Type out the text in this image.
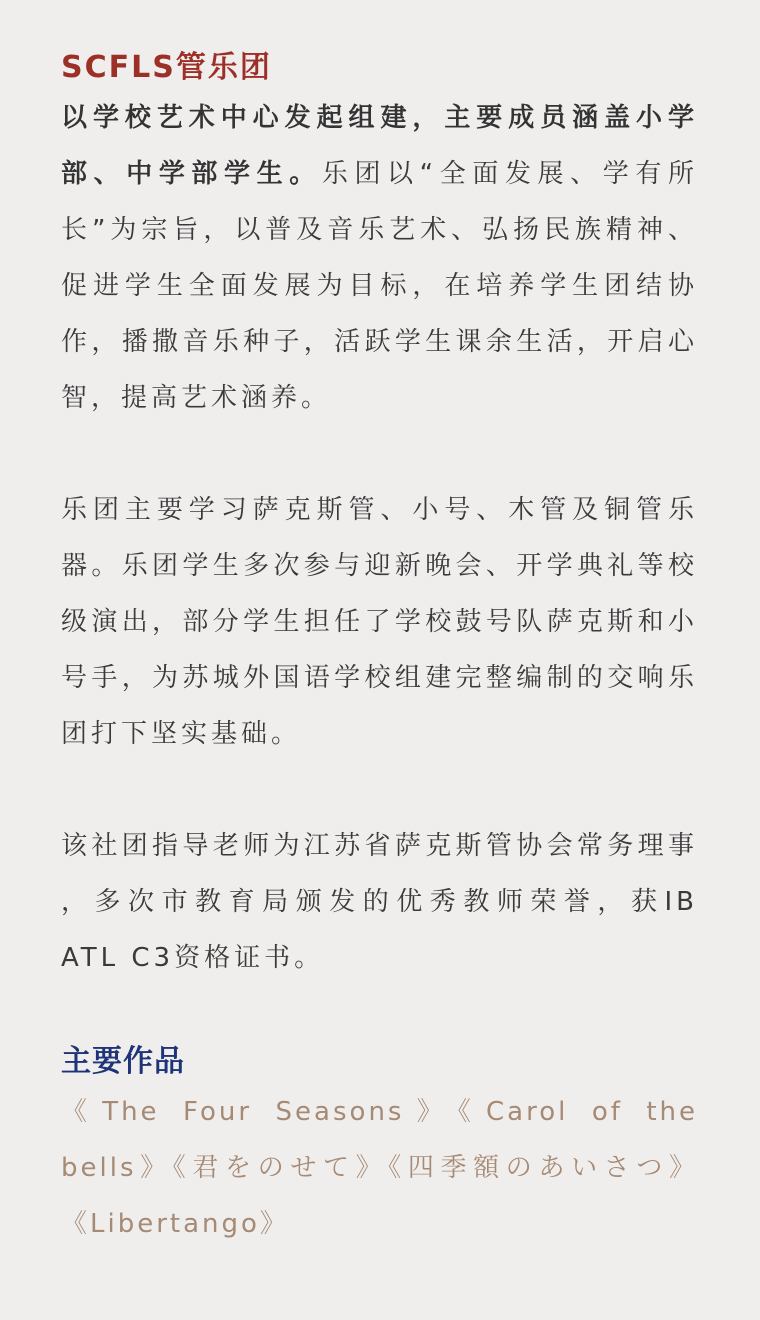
SCFLS管乐团

以学校艺术中心发起组建，主要成员涵盖小学部、中学部学生。乐团以“全面发展、学有所长”为宗旨，以普及音乐艺术、弘扬民族精神、促进学生全面发展为目标，在培养学生团结协作，播撒音乐种子，活跃学生课余生活，开启心智，提高艺术涵养。

乐团主要学习萨克斯管、小号、木管及铜管乐器。乐团学生多次参与迎新晚会、开学典礼等校级演出，部分学生担任了学校鼓号队萨克斯和小号手，为苏城外国语学校组建完整编制的交响乐团打下坚实基础。

该社团指导老师为江苏省萨克斯管协会常务理事 ，多次市教育局颁发的优秀教师荣誉，获IB ATL C3资格证书。

主要作品

《The Four Seasons》《Carol of the bells》《君をのせて》《四季額のあいさつ》《Libertango》
